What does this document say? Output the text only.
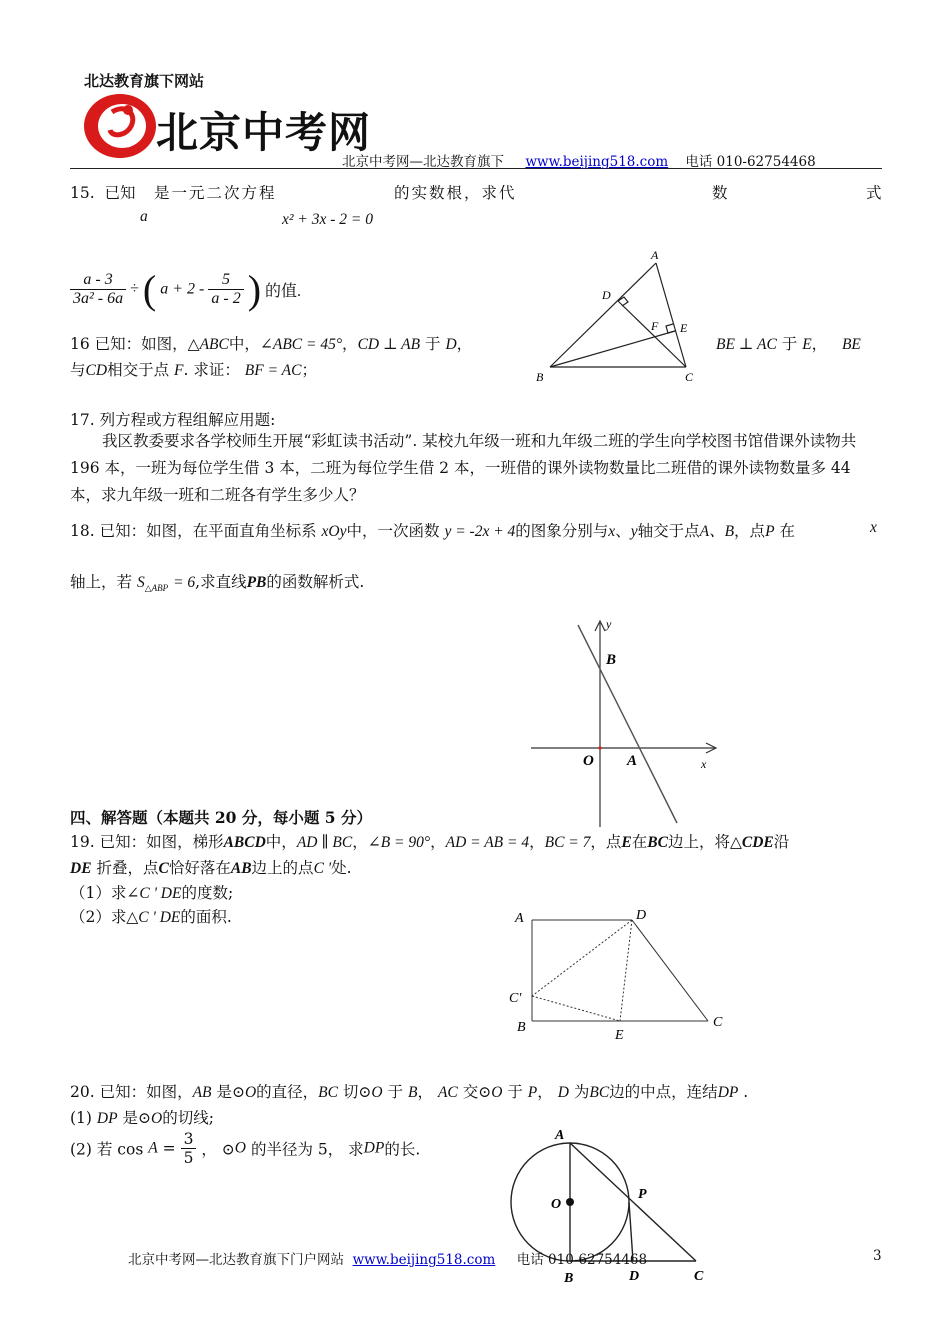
北达教育旗下网站
北京中考网
北京中考网—北达教育旗下 www.beijing518.com 电话 010-62754468
15. 已知
a
是一元二次方程
x² + 3x - 2 = 0
的实数根，求代	数	式
$\frac{a - 3}{\text{3a² - 6a}}$ ÷ ( $a + 2 - \frac{5}{a - 2}$ ) 的值.
16 已知：如图，△ABC中，∠ABC = 45°，CD ⊥ AB 于 D，	BE ⊥ AC 于 E， BE
与CD相交于点 F. 求证： BF = AC；
A
D
F E
B	C
17. 列方程或方程组解应用题:
我区教委要求各学校师生开展“彩虹读书活动”. 某校九年级一班和九年级二班的学生向学校图书馆借课外读物共 196 本，一班为每位学生借 3 本，二班为每位学生借 2 本，一班借的课外读物数量比二班借的课外读物数量多 44 本，求九年级一班和二班各有学生多少人？
18. 已知：如图，在平面直角坐标系 xOy中，一次函数 y = -2x + 4的图象分别与x、y轴交于点A、B，点P 在	x
轴上，若 $S_{\triangle ABP} = 6$,求直线PB的函数解析式.
y
B
O A	x
四、解答题（本题共 20 分，每小题 5 分）
19. 已知：如图，梯形ABCD中，AD ∥ BC，∠B = 90°，AD = AB = 4，BC = 7，点E在BC边上，将△CDE沿
DE 折叠，点C恰好落在AB边上的点C '处.
（1）求∠C ' DE的度数;
（2）求△C ' DE的面积.	A	D
C'
B
E
C
20. 已知：如图，AB 是⊙O的直径，BC 切⊙O 于 B， AC 交⊙O 于 P， D 为BC边的中点，连结DP .
(1) DP 是⊙O的切线;
(2) 若 $\cos A = \frac{3}{5}$ ， ⊙O 的半径为 5， 求DP的长.
A
O
P
B	D	C
北京中考网—北达教育旗下门户网站 www.beijing518.com 电话 010-62754468	3
